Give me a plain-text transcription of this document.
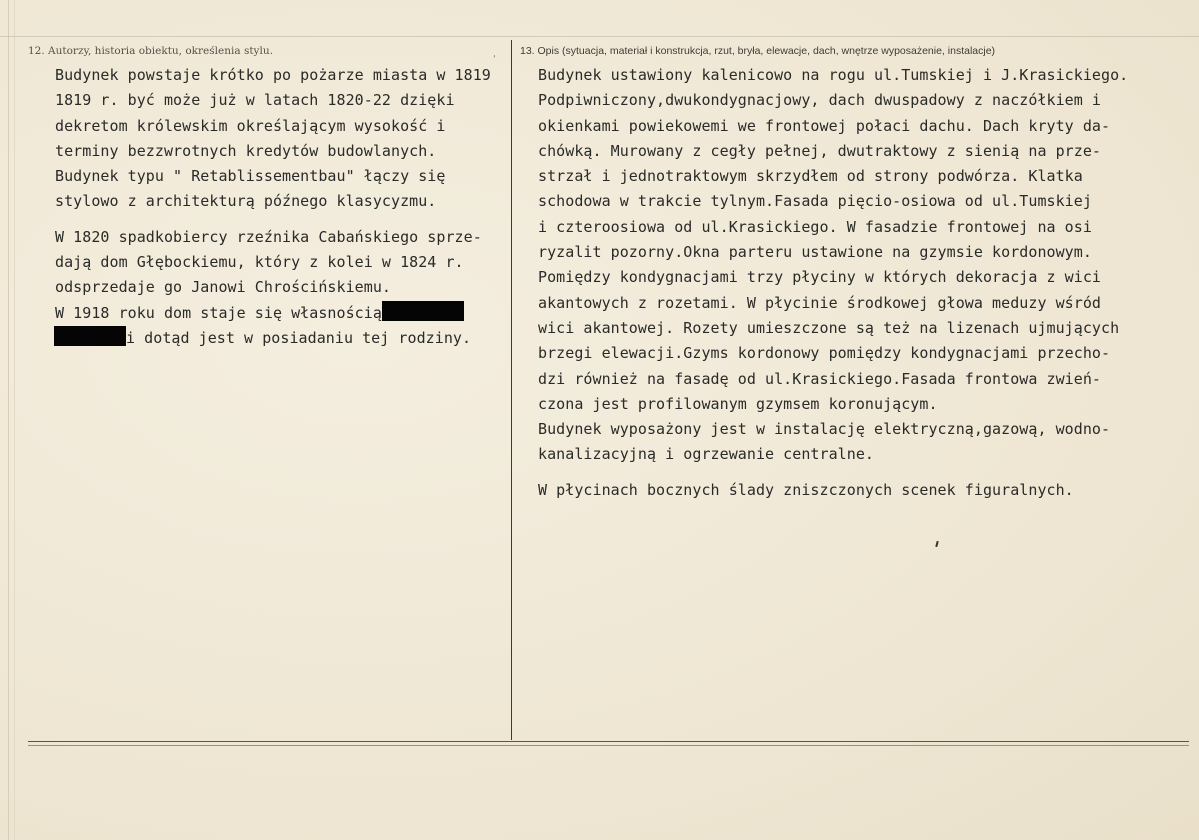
12. Autorzy, historia obiektu, określenia stylu.	ˌ 13. Opis (sytuacja, materiał i konstrukcja, rzut, bryła, elewacje, dach, wnętrze wyposażenie, instalacje)

Budynek powstaje krótko po pożarze miasta w 1819

1819 r. być może już w latach 1820-22 dzięki

dekretom królewskim określającym wysokość i

terminy bezzwrotnych kredytów budowlanych.

Budynek typu " Retablissementbau" łączy się

stylowo z architekturą późnego klasycyzmu.

W 1820 spadkobiercy rzeźnika Cabańskiego sprze-

dają dom Głębockiemu, który z kolei w 1824 r.

odsprzedaje go Janowi Chrościńskiemu.

W 1918 roku dom staje się własnością

i dotąd jest w posiadaniu tej rodziny.

Budynek ustawiony kalenicowo na rogu ul.Tumskiej i J.Krasickiego.

Podpiwniczony,dwukondygnacjowy, dach dwuspadowy z naczółkiem i

okienkami powiekowemi we frontowej połaci dachu. Dach kryty da-

chówką. Murowany z cegły pełnej, dwutraktowy z sienią na prze-

strzał i jednotraktowym skrzydłem od strony podwórza. Klatka

schodowa w trakcie tylnym.Fasada pięcio-osiowa od ul.Tumskiej

i czteroosiowa od ul.Krasickiego. W fasadzie frontowej na osi

ryzalit pozorny.Okna parteru ustawione na gzymsie kordonowym.

Pomiędzy kondygnacjami trzy płyciny w których dekoracja z wici

akantowych z rozetami. W płycinie środkowej głowa meduzy wśród

wici akantowej. Rozety umieszczone są też na lizenach ujmujących

brzegi elewacji.Gzyms kordonowy pomiędzy kondygnacjami przecho-

dzi również na fasadę od ul.Krasickiego.Fasada frontowa zwień-

czona jest profilowanym gzymsem koronującym.

Budynek wyposażony jest w instalację elektryczną,gazową, wodno-

kanalizacyjną i ogrzewanie centralne.

W płycinach bocznych ślady zniszczonych scenek figuralnych.
